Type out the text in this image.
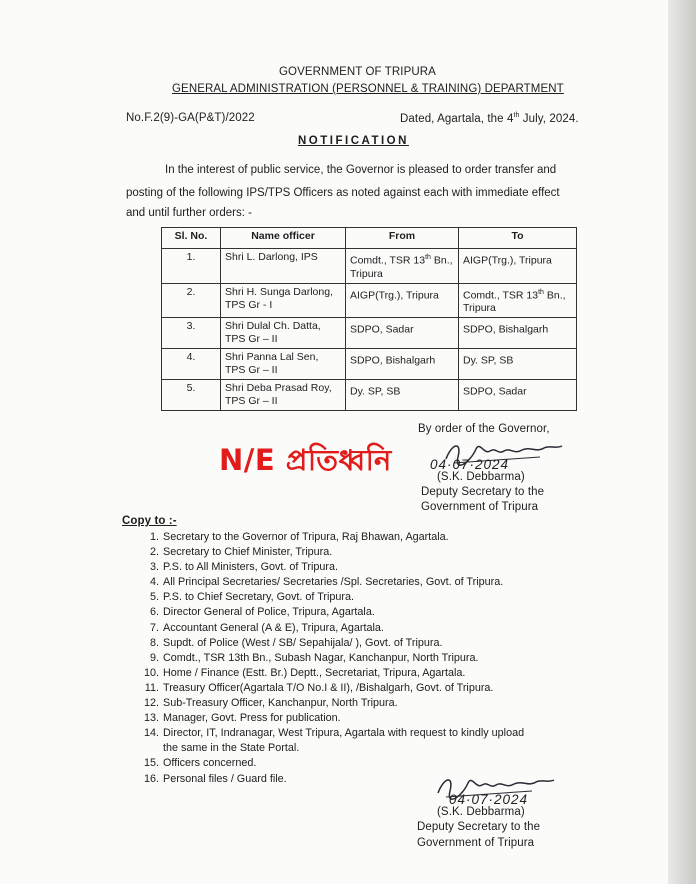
GOVERNMENT OF TRIPURA
GENERAL ADMINISTRATION (PERSONNEL & TRAINING) DEPARTMENT
No.F.2(9)-GA(P&T)/2022	Dated, Agartala, the 4th July, 2024.
NOTIFICATION
In the interest of public service, the Governor is pleased to order transfer and
posting of the following IPS/TPS Officers as noted against each with immediate effect
and until further orders: -
Sl. No.	Name officer	From	To
1.	Shri L. Darlong, IPS	Comdt., TSR 13th Bn., Tripura	AIGP(Trg.), Tripura
2.	Shri H. Sunga Darlong, TPS Gr - I	AIGP(Trg.), Tripura	Comdt., TSR 13th Bn., Tripura
3.	Shri Dulal Ch. Datta, TPS Gr – II	SDPO, Sadar	SDPO, Bishalgarh
4.	Shri Panna Lal Sen, TPS Gr – II	SDPO, Bishalgarh	Dy. SP, SB
5.	Shri Deba Prasad Roy, TPS Gr – II	Dy. SP, SB	SDPO, Sadar
By order of the Governor,
N/E প্রতিধ্বনি	04·07·2024
(S.K. Debbarma)
Deputy Secretary to the
Government of Tripura
Copy to :-
1. Secretary to the Governor of Tripura, Raj Bhawan, Agartala.
2. Secretary to Chief Minister, Tripura.
3. P.S. to All Ministers, Govt. of Tripura.
4. All Principal Secretaries/ Secretaries /Spl. Secretaries, Govt. of Tripura.
5. P.S. to Chief Secretary, Govt. of Tripura.
6. Director General of Police, Tripura, Agartala.
7. Accountant General (A & E), Tripura, Agartala.
8. Supdt. of Police (West / SB/ Sepahijala/ ), Govt. of Tripura.
9. Comdt., TSR 13th Bn., Subash Nagar, Kanchanpur, North Tripura.
10. Home / Finance (Estt. Br.) Deptt., Secretariat, Tripura, Agartala.
11. Treasury Officer(Agartala T/O No.I & II), /Bishalgarh, Govt. of Tripura.
12. Sub-Treasury Officer, Kanchanpur, North Tripura.
13. Manager, Govt. Press for publication.
14. Director, IT, Indranagar, West Tripura, Agartala with request to kindly upload
the same in the State Portal.
15. Officers concerned.
16. Personal files / Guard file.
04·07·2024
(S.K. Debbarma)
Deputy Secretary to the
Government of Tripura
